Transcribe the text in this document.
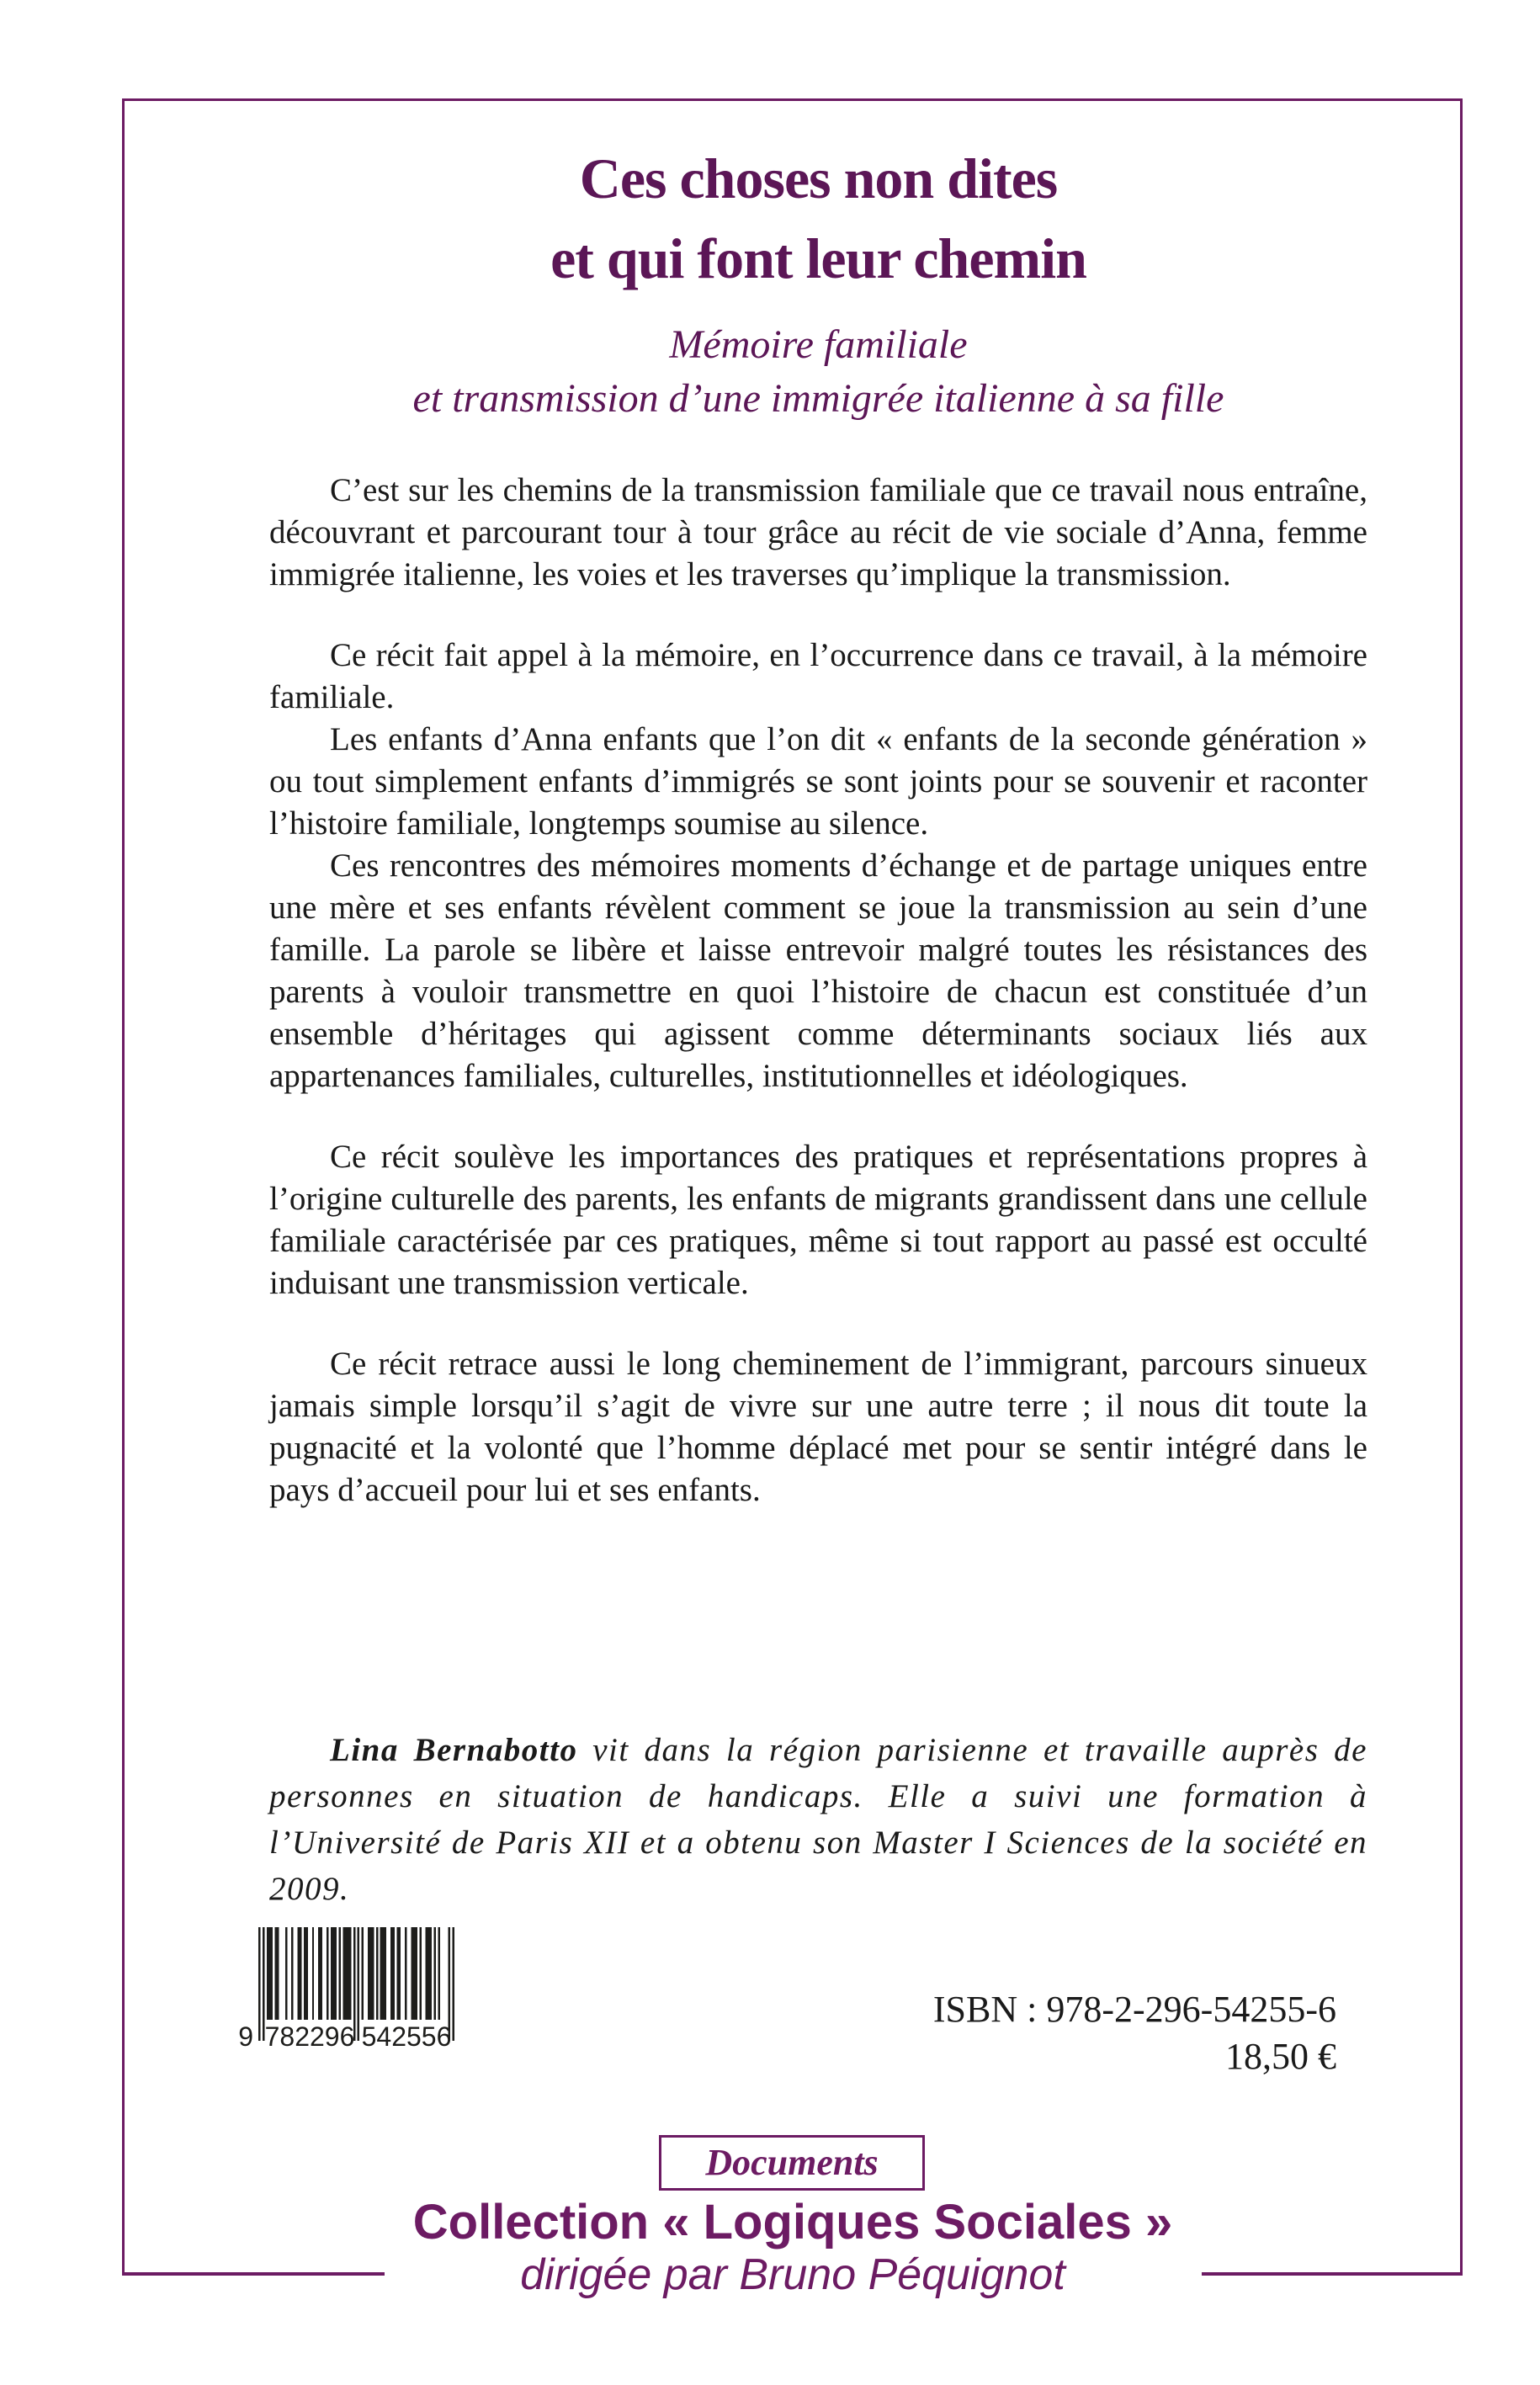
Ces choses non dites
et qui font leur chemin
Mémoire familiale
et transmission d’une immigrée italienne à sa fille

C’est sur les chemins de la transmission familiale que ce travail nous entraîne, découvrant et parcourant tour à tour grâce au récit de vie sociale d’Anna, femme immigrée italienne, les voies et les traverses qu’implique la transmission.

Ce récit fait appel à la mémoire, en l’occurrence dans ce travail, à la mémoire familiale.

Les enfants d’Anna enfants que l’on dit « enfants de la seconde génération » ou tout simplement enfants d’immigrés se sont joints pour se souvenir et raconter l’histoire familiale, longtemps soumise au silence.

Ces rencontres des mémoires moments d’échange et de partage uniques entre une mère et ses enfants révèlent comment se joue la transmission au sein d’une famille. La parole se libère et laisse entrevoir malgré toutes les résistances des parents à vouloir transmettre en quoi l’histoire de chacun est constituée d’un ensemble d’héritages qui agissent comme déterminants sociaux liés aux appartenances familiales, culturelles, institutionnelles et idéologiques.

Ce récit soulève les importances des pratiques et représentations propres à l’origine culturelle des parents, les enfants de migrants grandissent dans une cellule familiale caractérisée par ces pratiques, même si tout rapport au passé est occulté induisant une transmission verticale.

Ce récit retrace aussi le long cheminement de l’immigrant, parcours sinueux jamais simple lorsqu’il s’agit de vivre sur une autre terre ; il nous dit toute la pugnacité et la volonté que l’homme déplacé met pour se sentir intégré dans le pays d’accueil pour lui et ses enfants.

Lina Bernabotto vit dans la région parisienne et travaille auprès de personnes en situation de handicaps. Elle a suivi une formation à l’Université de Paris XII et a obtenu son Master I Sciences de la société en 2009.

9 782296 542556
ISBN : 978-2-296-54255-6
18,50 €
Documents
Collection « Logiques Sociales »
dirigée par Bruno Péquignot
